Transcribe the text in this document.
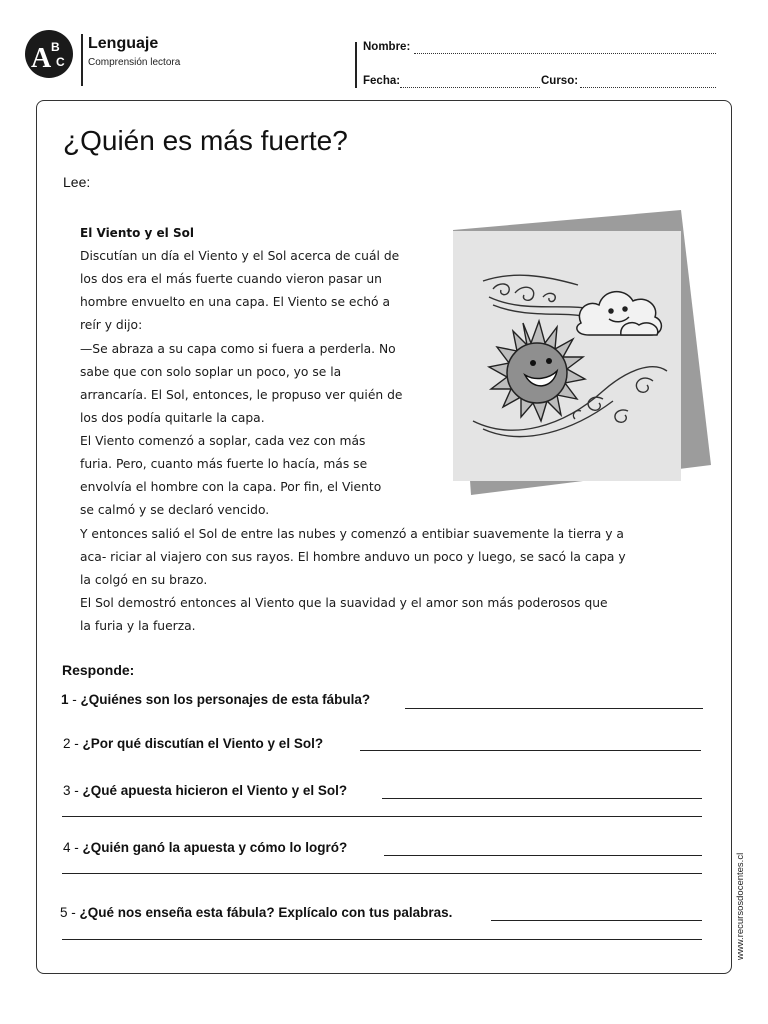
A B
C
Lenguaje
Comprensión lectora
Nombre:
Fecha:	Curso:
¿Quién es más fuerte?
Lee:
El Viento y el Sol
Discutían un día el Viento y el Sol acerca de cuál de
los dos era el más fuerte cuando vieron pasar un
hombre envuelto en una capa. El Viento se echó a
reír y dijo:
—Se abraza a su capa como si fuera a perderla. No
sabe que con solo soplar un poco, yo se la
arrancaría. El Sol, entonces, le propuso ver quién de
los dos podía quitarle la capa.
El Viento comenzó a soplar, cada vez con más
furia. Pero, cuanto más fuerte lo hacía, más se
envolvía el hombre con la capa. Por fin, el Viento
se calmó y se declaró vencido.
Y entonces salió el Sol de entre las nubes y comenzó a entibiar suavemente la tierra y a
aca- riciar al viajero con sus rayos. El hombre anduvo un poco y luego, se sacó la capa y
la colgó en su brazo.
El Sol demostró entonces al Viento que la suavidad y el amor son más poderosos que
la furia y la fuerza.
Responde:
1 - ¿Quiénes son los personajes de esta fábula?
2 - ¿Por qué discutían el Viento y el Sol?
3 - ¿Qué apuesta hicieron el Viento y el Sol?
4 - ¿Quién ganó la apuesta y cómo lo logró?
5 - ¿Qué nos enseña esta fábula? Explícalo con tus palabras.	www.recursosdocentes.cl
